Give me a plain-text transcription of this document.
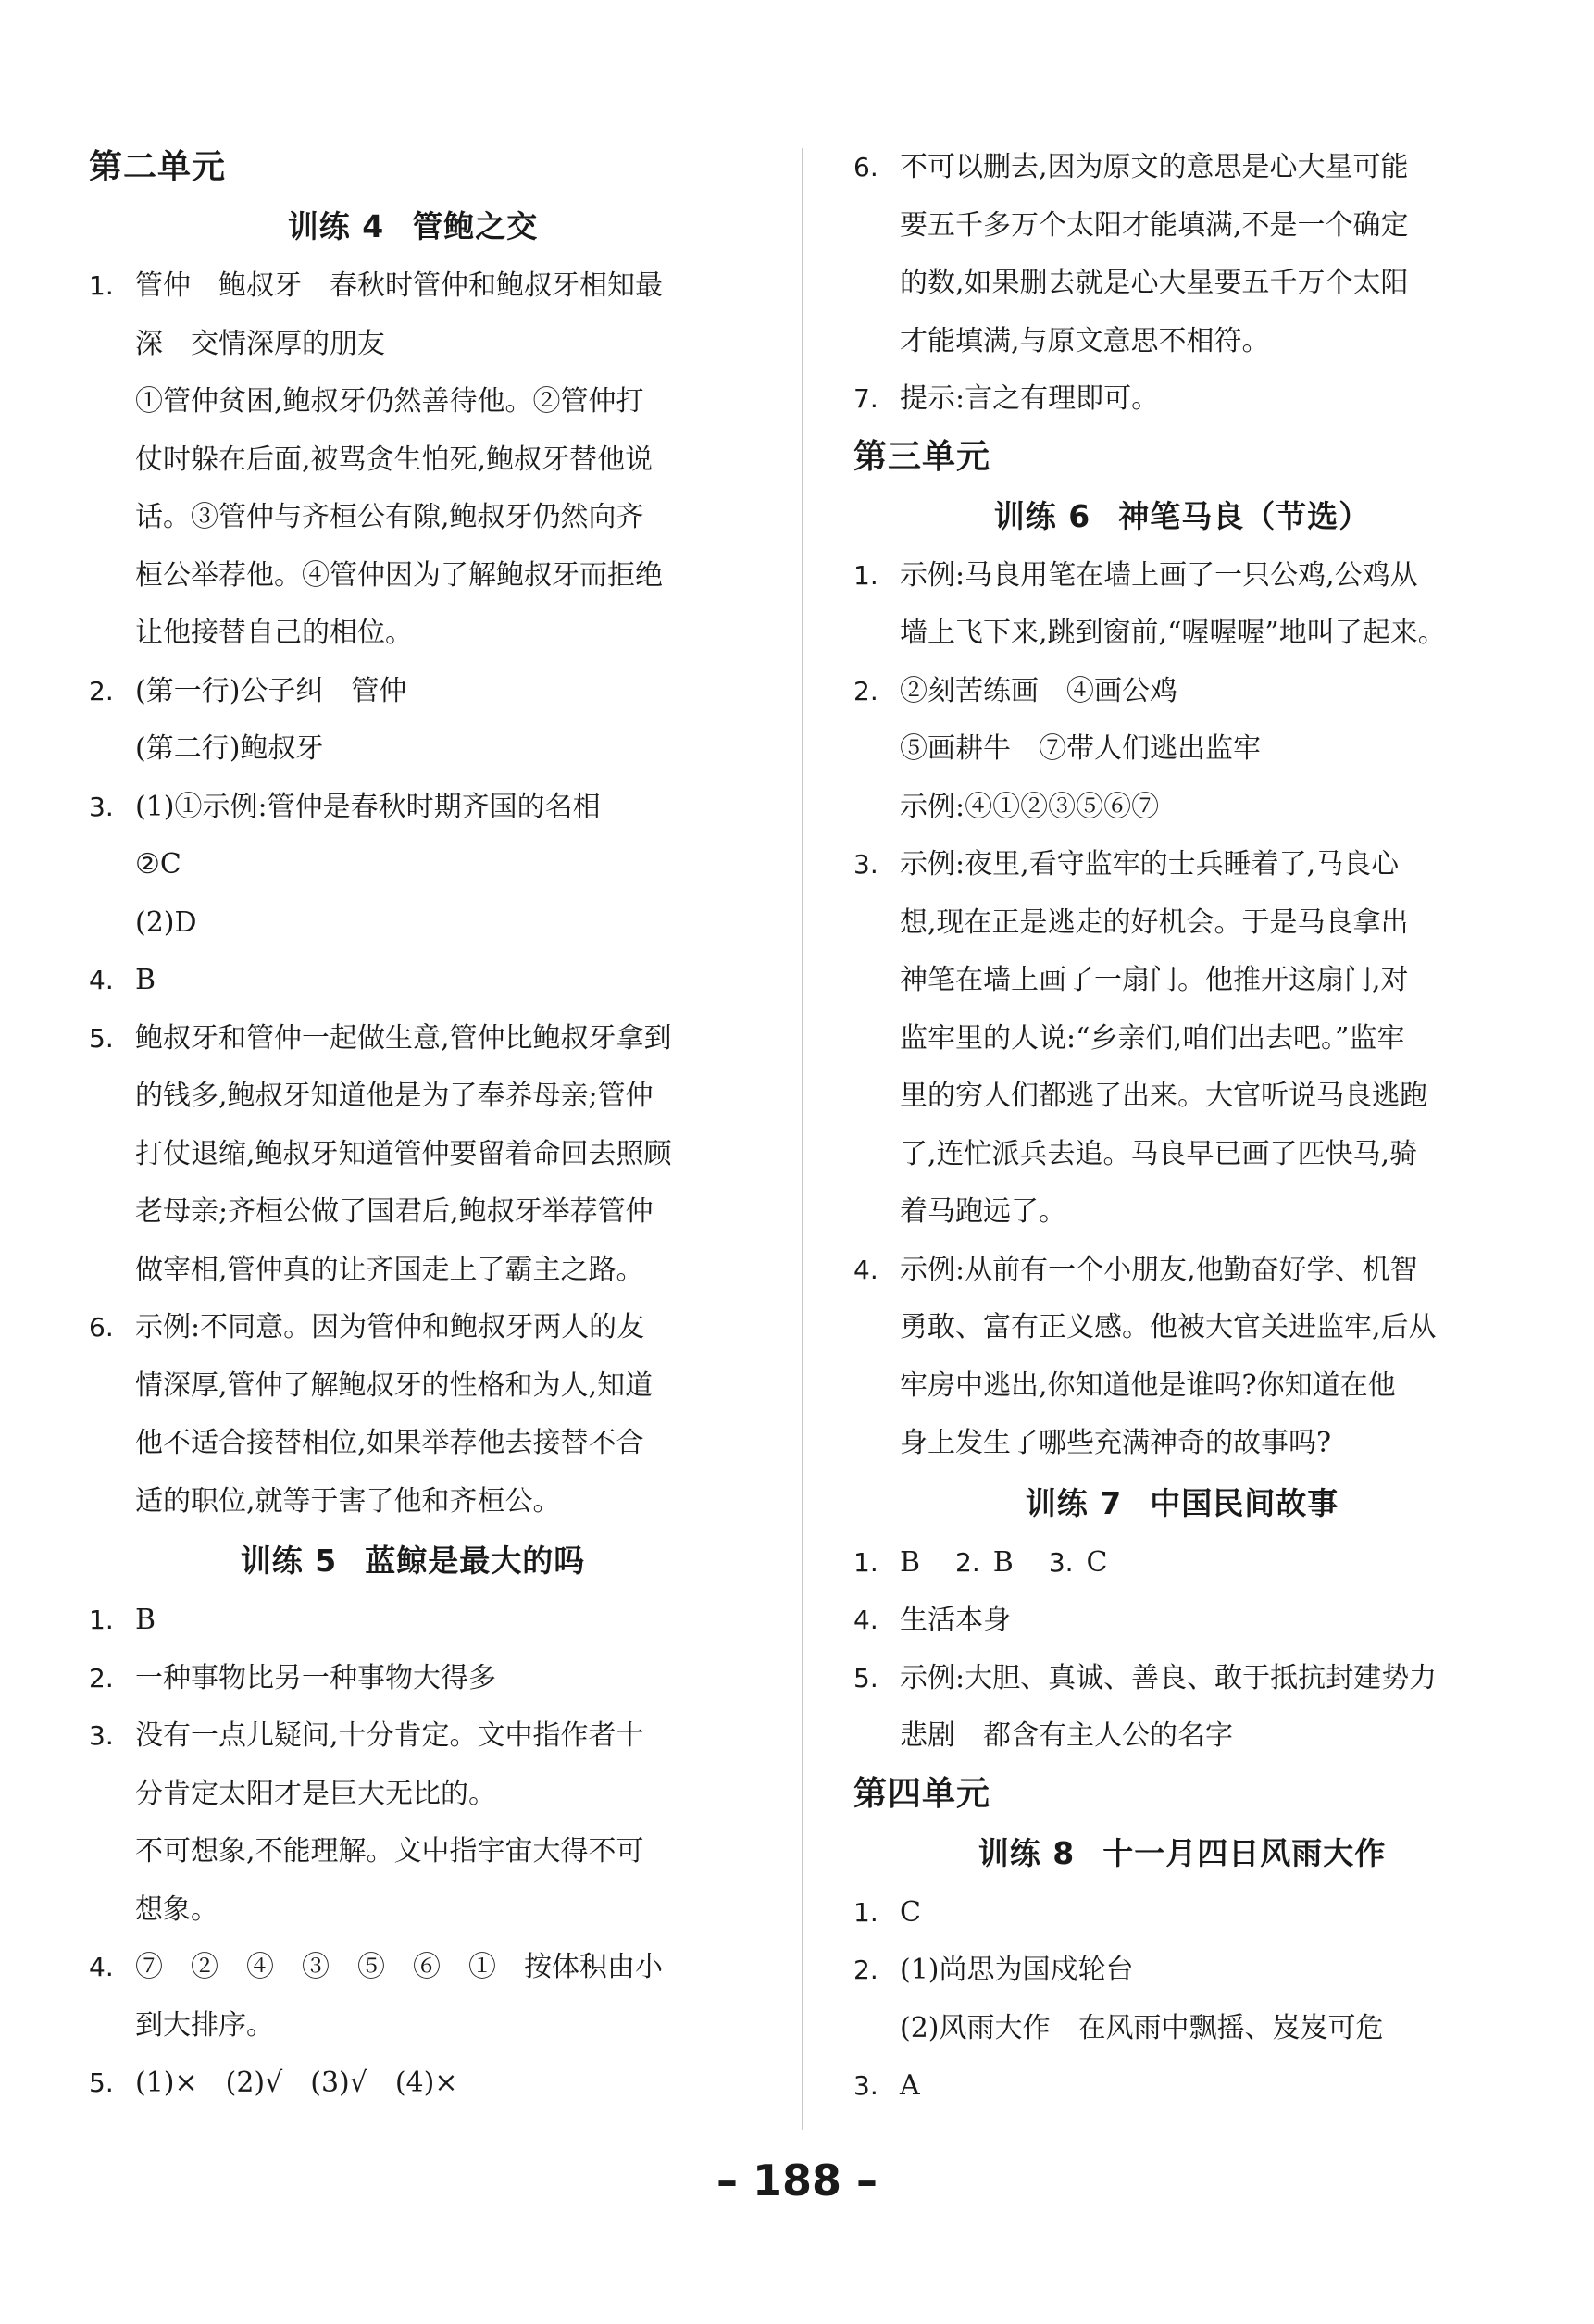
第二单元
训练 4 管鲍之交
1. 管仲　鲍叔牙　春秋时管仲和鲍叔牙相知最
深　交情深厚的朋友
①管仲贫困,鲍叔牙仍然善待他。②管仲打
仗时躲在后面,被骂贪生怕死,鲍叔牙替他说
话。③管仲与齐桓公有隙,鲍叔牙仍然向齐
桓公举荐他。④管仲因为了解鲍叔牙而拒绝
让他接替自己的相位。
2. (第一行)公子纠　管仲
(第二行)鲍叔牙
3. (1)①示例:管仲是春秋时期齐国的名相
②C
(2)D
4. B
5. 鲍叔牙和管仲一起做生意,管仲比鲍叔牙拿到
的钱多,鲍叔牙知道他是为了奉养母亲;管仲
打仗退缩,鲍叔牙知道管仲要留着命回去照顾
老母亲;齐桓公做了国君后,鲍叔牙举荐管仲
做宰相,管仲真的让齐国走上了霸主之路。
6. 示例:不同意。因为管仲和鲍叔牙两人的友
情深厚,管仲了解鲍叔牙的性格和为人,知道
他不适合接替相位,如果举荐他去接替不合
适的职位,就等于害了他和齐桓公。
训练 5 蓝鲸是最大的吗
1. B
2. 一种事物比另一种事物大得多
3. 没有一点儿疑问,十分肯定。文中指作者十
分肯定太阳才是巨大无比的。
不可想象,不能理解。文中指宇宙大得不可
想象。
4. ⑦　②　④　③　⑤　⑥　①　按体积由小
到大排序。
5. (1)×　(2)√　(3)√　(4)×
6. 不可以删去,因为原文的意思是心大星可能
要五千多万个太阳才能填满,不是一个确定
的数,如果删去就是心大星要五千万个太阳
才能填满,与原文意思不相符。
7. 提示:言之有理即可。
第三单元
训练 6 神笔马良（节选）
1. 示例:马良用笔在墙上画了一只公鸡,公鸡从
墙上飞下来,跳到窗前,“喔喔喔”地叫了起来。
2. ②刻苦练画　④画公鸡
⑤画耕牛　⑦带人们逃出监牢
示例:④①②③⑤⑥⑦
3. 示例:夜里,看守监牢的士兵睡着了,马良心
想,现在正是逃走的好机会。于是马良拿出
神笔在墙上画了一扇门。他推开这扇门,对
监牢里的人说:“乡亲们,咱们出去吧。”监牢
里的穷人们都逃了出来。大官听说马良逃跑
了,连忙派兵去追。马良早已画了匹快马,骑
着马跑远了。
4. 示例:从前有一个小朋友,他勤奋好学、机智
勇敢、富有正义感。他被大官关进监牢,后从
牢房中逃出,你知道他是谁吗?你知道在他
身上发生了哪些充满神奇的故事吗?
训练 7 中国民间故事
1. B 2. B 3. C
4. 生活本身
5. 示例:大胆、真诚、善良、敢于抵抗封建势力
悲剧　都含有主人公的名字
第四单元
训练 8 十一月四日风雨大作
1. C
2. (1)尚思为国戍轮台
(2)风雨大作　在风雨中飘摇、岌岌可危
3. A
– 188 –
